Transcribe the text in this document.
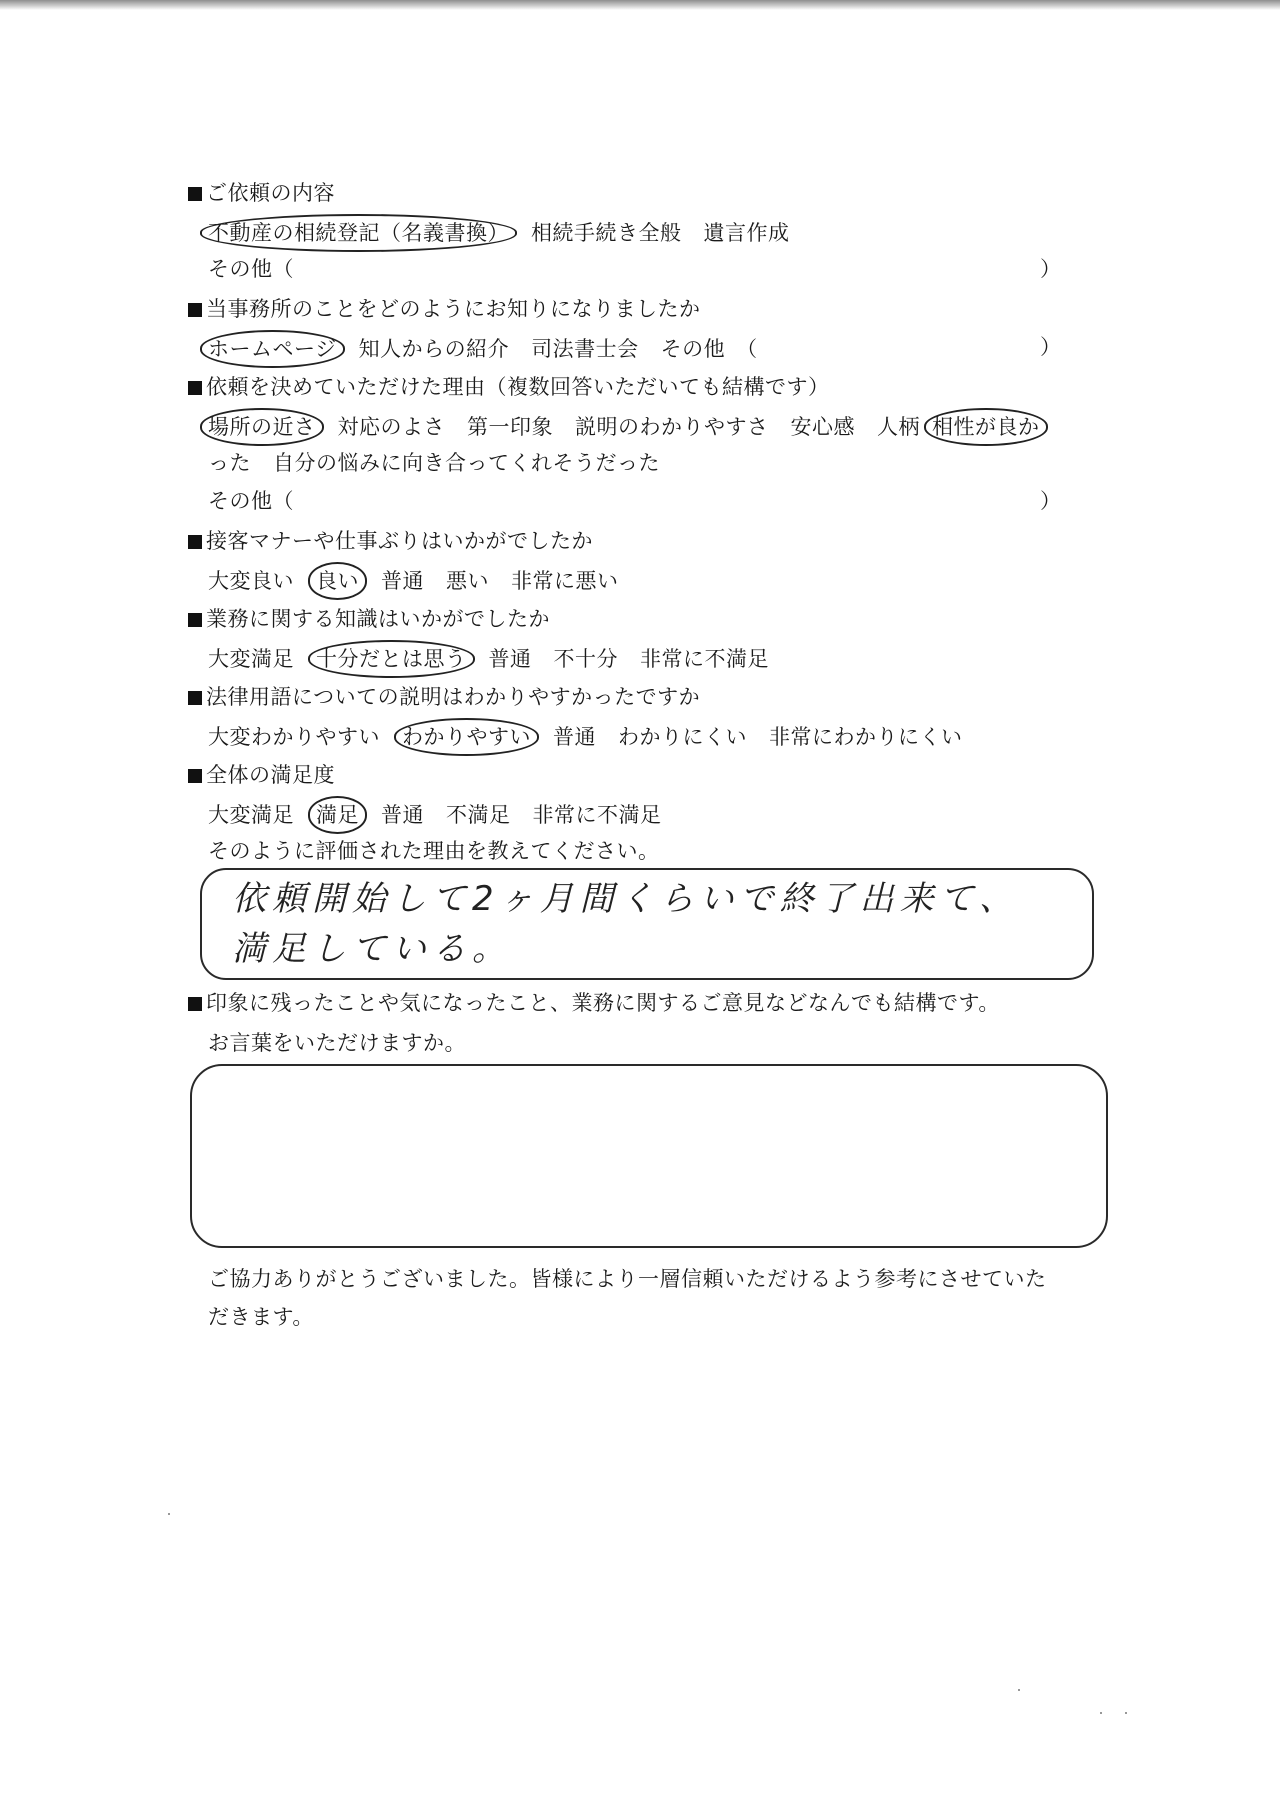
ご依頼の内容
不動産の相続登記（名義書換） 相続手続き全般 遺言作成
その他（	）
当事務所のことをどのようにお知りになりましたか
ホームページ 知人からの紹介 司法書士会 その他　（	）
依頼を決めていただけた理由（複数回答いただいても結構です）
場所の近さ 対応のよさ 第一印象 説明のわかりやすさ 安心感 人柄 相性が良か
った 自分の悩みに向き合ってくれそうだった
その他（	）
接客マナーや仕事ぶりはいかがでしたか
大変良い 良い 普通 悪い 非常に悪い
業務に関する知識はいかがでしたか
大変満足 十分だとは思う 普通 不十分 非常に不満足
法律用語についての説明はわかりやすかったですか
大変わかりやすい わかりやすい 普通 わかりにくい 非常にわかりにくい
全体の満足度
大変満足 満足 普通 不満足 非常に不満足
そのように評価された理由を教えてください。
依頼開始して2ヶ月間くらいで終了出来て、
満足している。
印象に残ったことや気になったこと、業務に関するご意見などなんでも結構です。
お言葉をいただけますか。
ご協力ありがとうございました。皆様により一層信頼いただけるよう参考にさせていた
だきます。
